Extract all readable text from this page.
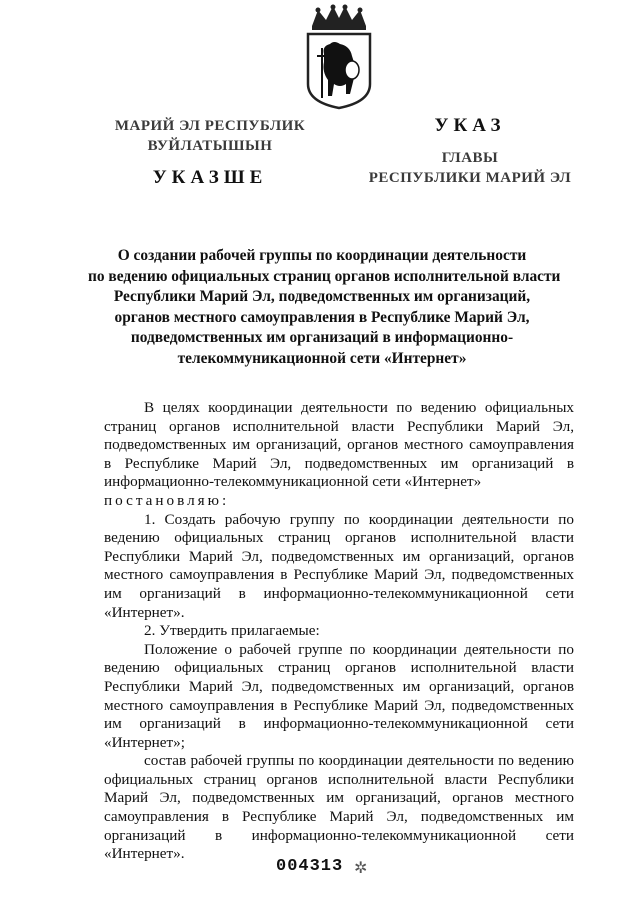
МАРИЙ ЭЛ РЕСПУБЛИК
ВУЙЛАТЫШЫН
УКАЗШЕ
УКАЗ
ГЛАВЫ
РЕСПУБЛИКИ МАРИЙ ЭЛ
О создании рабочей группы по координации деятельности
по ведению официальных страниц органов исполнительной власти
Республики Марий Эл, подведомственных им организаций,
органов местного самоуправления в Республике Марий Эл,
подведомственных им организаций в информационно-
телекоммуникационной сети «Интернет»

В целях координации деятельности по ведению официальных страниц органов исполнительной власти Республики Марий Эл, подведомственных им организаций, органов местного самоуправления в Республике Марий Эл, подведомственных им организаций в информационно-телекоммуникационной сети «Интернет»

постановляю:

1. Создать рабочую группу по координации деятельности по ведению официальных страниц органов исполнительной власти Республики Марий Эл, подведомственных им организаций, органов местного самоуправления в Республике Марий Эл, подведомственных им организаций в информационно-телекоммуникационной сети «Интернет».

2. Утвердить прилагаемые:

Положение о рабочей группе по координации деятельности по ведению официальных страниц органов исполнительной власти Республики Марий Эл, подведомственных им организаций, органов местного самоуправления в Республике Марий Эл, подведомственных им организаций в информационно-телекоммуникационной сети «Интернет»;

состав рабочей группы по координации деятельности по ведению официальных страниц органов исполнительной власти Республики Марий Эл, подведомственных им организаций, органов местного самоуправления в Республике Марий Эл, подведомственных им организаций в информационно-телекоммуникационной сети «Интернет».

004313 ✲
